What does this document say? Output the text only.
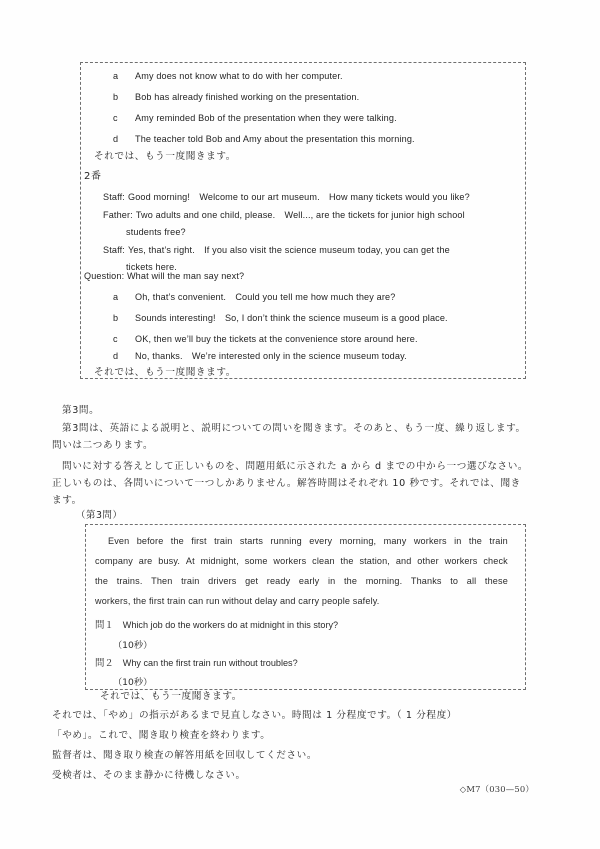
a	Amy does not know what to do with her computer.
b	Bob has already finished working on the presentation.
c	Amy reminded Bob of the presentation when they were talking.
d	The teacher told Bob and Amy about the presentation this morning.
それでは、もう一度聞きます。
2番
Staff: Good morning! Welcome to our art museum. How many tickets would you like?
Father: Two adults and one child, please. Well..., are the tickets for junior high school
students free?
Staff: Yes, that’s right. If you also visit the science museum today, you can get the
tickets here.
Question: What will the man say next?
a	Oh, that’s convenient. Could you tell me how much they are?
b	Sounds interesting! So, I don’t think the science museum is a good place.
c	OK, then we’ll buy the tickets at the convenience store around here.
d	No, thanks. We’re interested only in the science museum today.
それでは、もう一度聞きます。
第3問。
第3問は、英語による説明と、説明についての問いを聞きます。そのあと、もう一度、繰り返します。
問いは二つあります。
問いに対する答えとして正しいものを、問題用紙に示された a から d までの中から一つ選びなさい。
正しいものは、各問いについて一つしかありません。解答時間はそれぞれ 10 秒です。それでは、聞き
ます。
（第3問）
Even before the first train starts running every morning, many workers in the train
company are busy. At midnight, some workers clean the station, and other workers check
the trains. Then train drivers get ready early in the morning. Thanks to all these
workers, the first train can run without delay and carry people safely.
問１ Which job do the workers do at midnight in this story?
（10秒）
問２ Why can the first train run without troubles?
（10秒）
それでは、もう一度聞きます。
それでは、「やめ」の指示があるまで見直しなさい。時間は 1 分程度です。（ 1 分程度）
「やめ」。これで、聞き取り検査を終わります。
監督者は、聞き取り検査の解答用紙を回収してください。
受検者は、そのまま静かに待機しなさい。
◇M7（030—50）
